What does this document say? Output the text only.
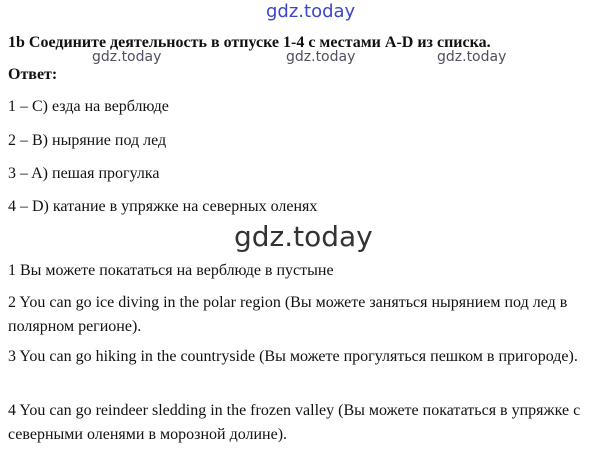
gdz.today
gdz.today	gdz.today	gdz.today
1b Соедините деятельность в отпуске 1-4 с местами A-D из списка.
Ответ:
1 – C) езда на верблюде
2 – B) ныряние под лед
3 – A) пешая прогулка
4 – D) катание в упряжке на северных оленях
gdz.today
1 Вы можете покататься на верблюде в пустыне
2 You can go ice diving in the polar region (Вы можете заняться нырянием под лед в полярном регионе).
3 You can go hiking in the countryside (Вы можете прогуляться пешком в пригороде).
4 You can go reindeer sledding in the frozen valley (Вы можете покататься в упряжке с северными оленями в морозной долине).
